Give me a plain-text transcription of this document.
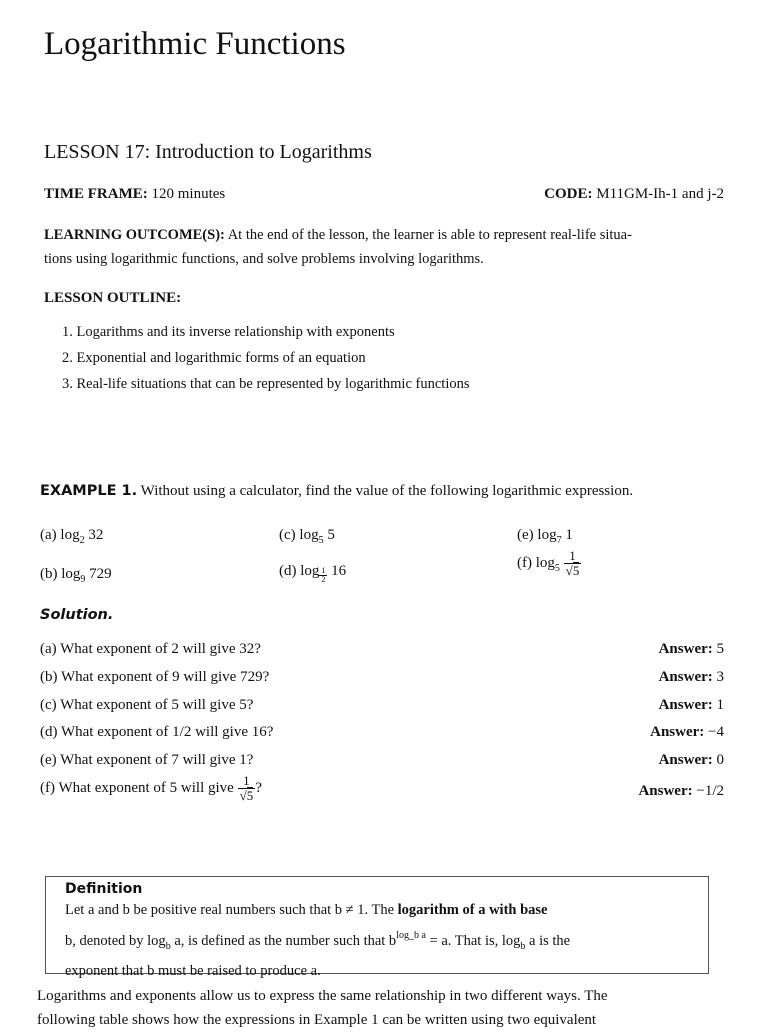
Logarithmic Functions
LESSON 17: Introduction to Logarithms
TIME FRAME: 120 minutes	CODE: M11GM-Ih-1 and j-2
LEARNING OUTCOME(S): At the end of the lesson, the learner is able to represent real-life situa-
tions using logarithmic functions, and solve problems involving logarithms.
LESSON OUTLINE:
1. Logarithms and its inverse relationship with exponents
2. Exponential and logarithmic forms of an equation
3. Real-life situations that can be represented by logarithmic functions
EXAMPLE 1. Without using a calculator, find the value of the following logarithmic expression.
(a) $\log_2 32$
(b) $\log_9 729$
(c) $\log_5 5$
(d) $\log \frac{1}{2} 16$
(e) $\log_7 1$
(f) $\log_5 \frac{1}{√5}$
Solution.
(a) What exponent of 2 will give 32?	Answer: 5
(b) What exponent of 9 will give 729?	Answer: 3
(c) What exponent of 5 will give 5?	Answer: 1
(d) What exponent of 1/2 will give 16?	Answer: −4
(e) What exponent of 7 will give 1?	Answer: 0
(f) What exponent of 5 will give $\frac{1}{√5}$ ?	Answer: −1/2
Definition
Let a and b be positive real numbers such that b ≠ 1. The logarithm of a with base
b, denoted by $\log_b a$, is defined as the number such that $b^{log\_b a} = a$. That is, $\log_b a$ is the
exponent that b must be raised to produce a.
Logarithms and exponents allow us to express the same relationship in two different ways. The
following table shows how the expressions in Example 1 can be written using two equivalent
